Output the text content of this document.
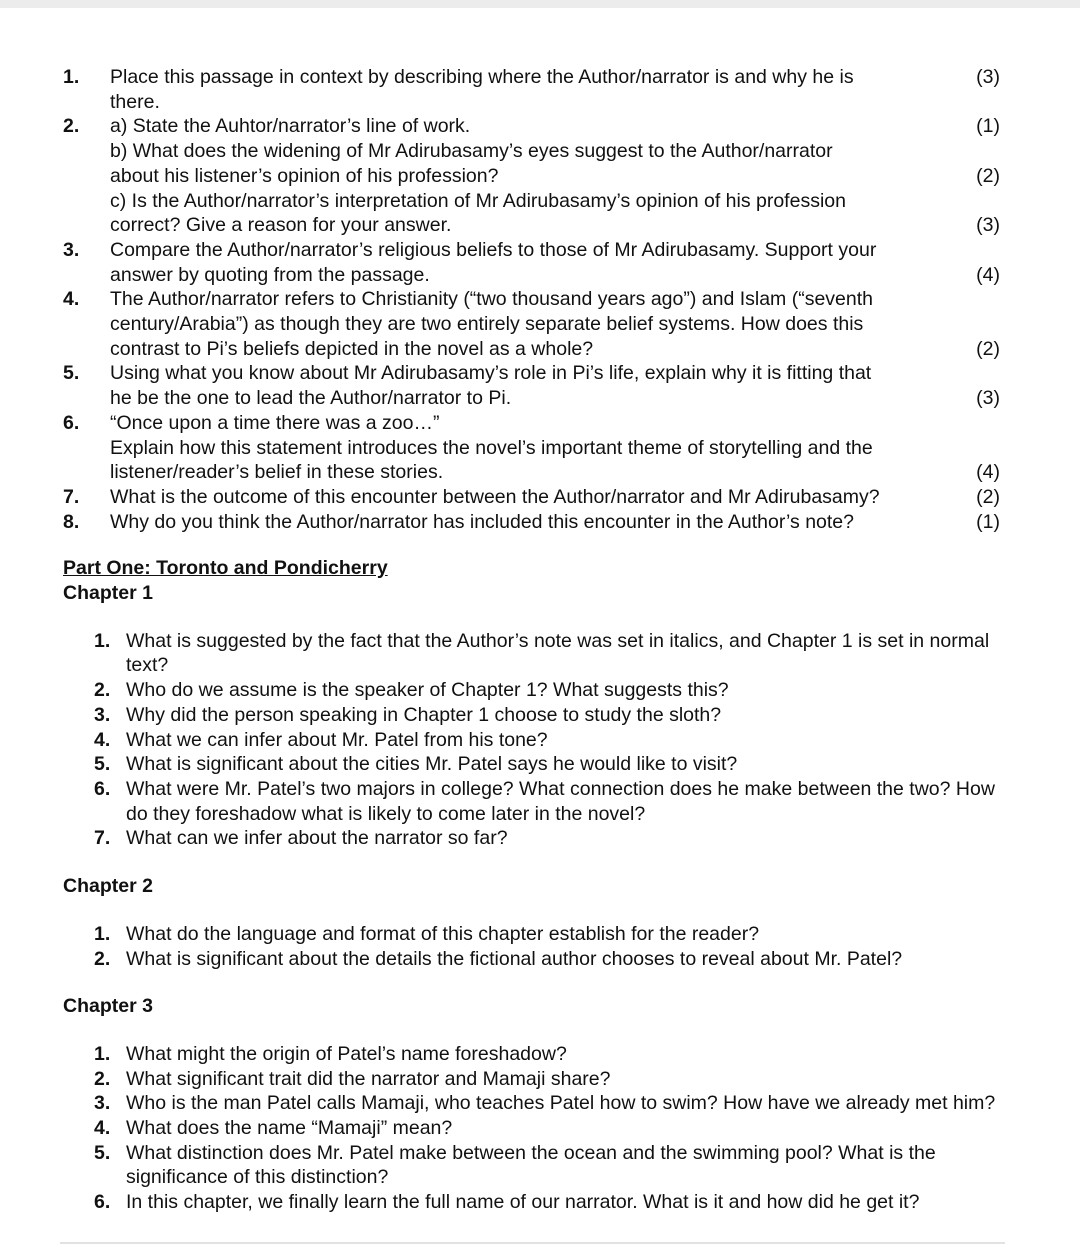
1.	Place this passage in context by describing where the Author/narrator is and why he is	(3)
there.
2.	a) State the Auhtor/narrator’s line of work.	(1)
b) What does the widening of Mr Adirubasamy’s eyes suggest to the Author/narrator
about his listener’s opinion of his profession?	(2)
c) Is the Author/narrator’s interpretation of Mr Adirubasamy’s opinion of his profession
correct? Give a reason for your answer.	(3)
3.	Compare the Author/narrator’s religious beliefs to those of Mr Adirubasamy. Support your
answer by quoting from the passage.	(4)
4.	The Author/narrator refers to Christianity (“two thousand years ago”) and Islam (“seventh
century/Arabia”) as though they are two entirely separate belief systems. How does this
contrast to Pi’s beliefs depicted in the novel as a whole?	(2)
5.	Using what you know about Mr Adirubasamy’s role in Pi’s life, explain why it is fitting that
he be the one to lead the Author/narrator to Pi.	(3)
6.	“Once upon a time there was a zoo…”
Explain how this statement introduces the novel’s important theme of storytelling and the
listener/reader’s belief in these stories.	(4)
7.	What is the outcome of this encounter between the Author/narrator and Mr Adirubasamy?	(2)
8.	Why do you think the Author/narrator has included this encounter in the Author’s note?	(1)
Part One: Toronto and Pondicherry
Chapter 1
1. What is suggested by the fact that the Author’s note was set in italics, and Chapter 1 is set in normal text?
2. Who do we assume is the speaker of Chapter 1? What suggests this?
3. Why did the person speaking in Chapter 1 choose to study the sloth?
4. What we can infer about Mr. Patel from his tone?
5. What is significant about the cities Mr. Patel says he would like to visit?
6. What were Mr. Patel’s two majors in college? What connection does he make between the two? How do they foreshadow what is likely to come later in the novel?
7. What can we infer about the narrator so far?
Chapter 2
1. What do the language and format of this chapter establish for the reader?
2. What is significant about the details the fictional author chooses to reveal about Mr. Patel?
Chapter 3
1. What might the origin of Patel’s name foreshadow?
2. What significant trait did the narrator and Mamaji share?
3. Who is the man Patel calls Mamaji, who teaches Patel how to swim? How have we already met him?
4. What does the name “Mamaji” mean?
5. What distinction does Mr. Patel make between the ocean and the swimming pool? What is the significance of this distinction?
6. In this chapter, we finally learn the full name of our narrator. What is it and how did he get it?
